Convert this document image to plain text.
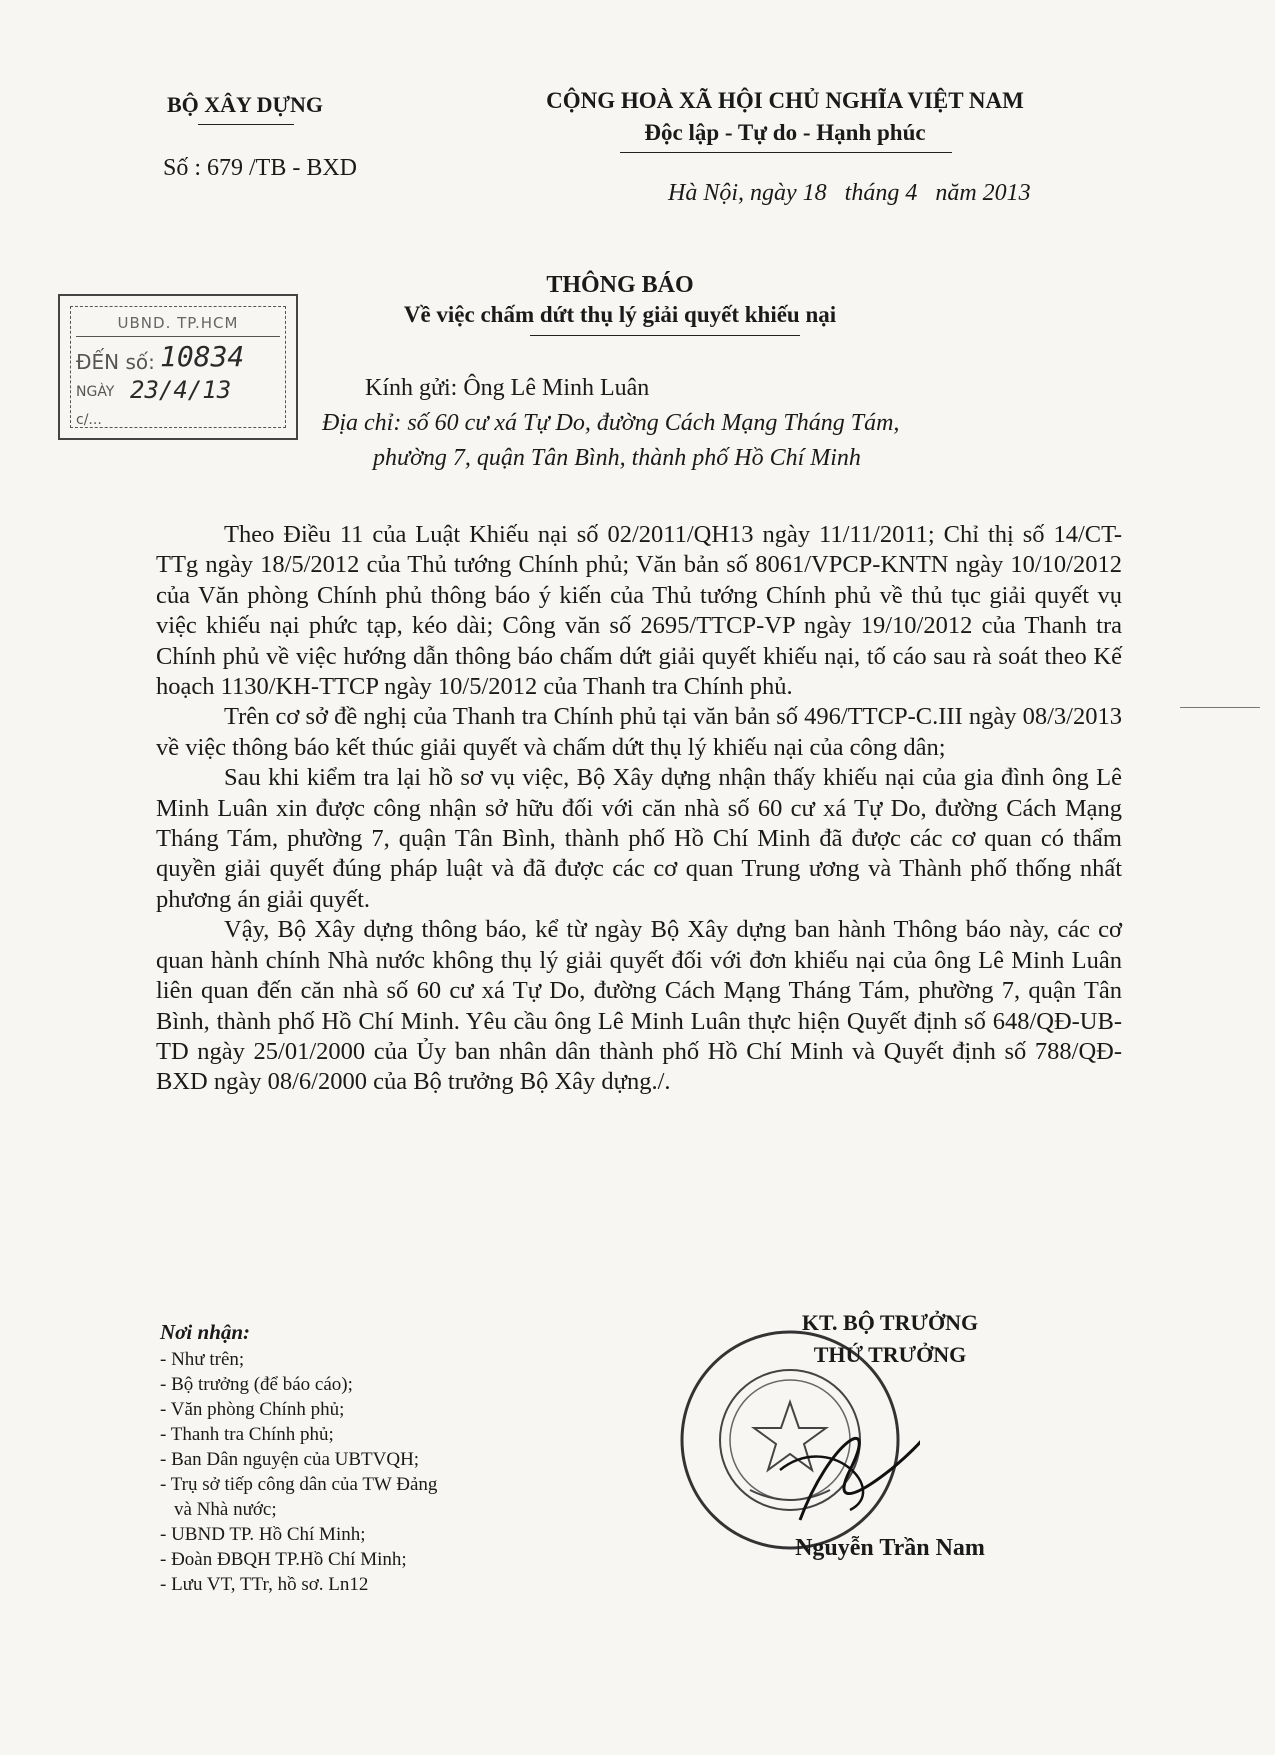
BỘ XÂY DỰNG
Số : 679 /TB - BXD
CỘNG HOÀ XÃ HỘI CHỦ NGHĨA VIỆT NAM
Độc lập - Tự do - Hạnh phúc
Hà Nội, ngày 18   tháng 4   năm 2013
UBND. TP.HCM
ĐẾN số: 10834
NGÀY 23/4/13
c/...
THÔNG BÁO
Về việc chấm dứt thụ lý giải quyết khiếu nại
Kính gửi: Ông Lê Minh Luân
Địa chỉ: số 60 cư xá Tự Do, đường Cách Mạng Tháng Tám,
phường 7, quận Tân Bình, thành phố Hồ Chí Minh

Theo Điều 11 của Luật Khiếu nại số 02/2011/QH13 ngày 11/11/2011; Chỉ thị số 14/CT-TTg ngày 18/5/2012 của Thủ tướng Chính phủ; Văn bản số 8061/VPCP-KNTN ngày 10/10/2012 của Văn phòng Chính phủ thông báo ý kiến của Thủ tướng Chính phủ về thủ tục giải quyết vụ việc khiếu nại phức tạp, kéo dài; Công văn số 2695/TTCP-VP ngày 19/10/2012 của Thanh tra Chính phủ về việc hướng dẫn thông báo chấm dứt giải quyết khiếu nại, tố cáo sau rà soát theo Kế hoạch 1130/KH-TTCP ngày 10/5/2012 của Thanh tra Chính phủ.

Trên cơ sở đề nghị của Thanh tra Chính phủ tại văn bản số 496/TTCP-C.III ngày 08/3/2013 về việc thông báo kết thúc giải quyết và chấm dứt thụ lý khiếu nại của công dân;

Sau khi kiểm tra lại hồ sơ vụ việc, Bộ Xây dựng nhận thấy khiếu nại của gia đình ông Lê Minh Luân xin được công nhận sở hữu đối với căn nhà số 60 cư xá Tự Do, đường Cách Mạng Tháng Tám, phường 7, quận Tân Bình, thành phố Hồ Chí Minh đã được các cơ quan có thẩm quyền giải quyết đúng pháp luật và đã được các cơ quan Trung ương và Thành phố thống nhất phương án giải quyết.

Vậy, Bộ Xây dựng thông báo, kể từ ngày Bộ Xây dựng ban hành Thông báo này, các cơ quan hành chính Nhà nước không thụ lý giải quyết đối với đơn khiếu nại của ông Lê Minh Luân liên quan đến căn nhà số 60 cư xá Tự Do, đường Cách Mạng Tháng Tám, phường 7, quận Tân Bình, thành phố Hồ Chí Minh. Yêu cầu ông Lê Minh Luân thực hiện Quyết định số 648/QĐ-UB-TD ngày 25/01/2000 của Ủy ban nhân dân thành phố Hồ Chí Minh và Quyết định số 788/QĐ-BXD ngày 08/6/2000 của Bộ trưởng Bộ Xây dựng./.

Nơi nhận:
- Như trên;
- Bộ trưởng (để báo cáo);
- Văn phòng Chính phủ;
- Thanh tra Chính phủ;
- Ban Dân nguyện của UBTVQH;
- Trụ sở tiếp công dân của TW Đảng
và Nhà nước;
- UBND TP. Hồ Chí Minh;
- Đoàn ĐBQH TP.Hồ Chí Minh;
- Lưu VT, TTr, hồ sơ. Ln12
KT. BỘ TRƯỞNG
THỨ TRƯỞNG
Nguyễn Trần Nam
